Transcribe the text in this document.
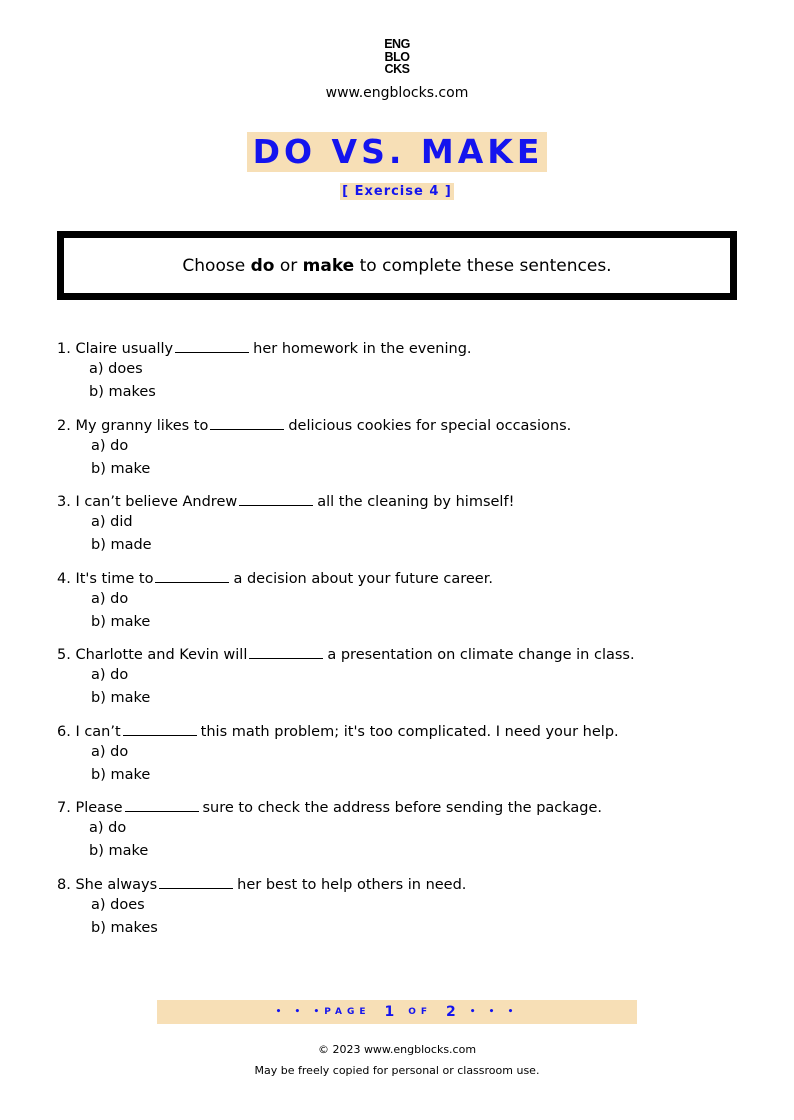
ENG
BLO
CKS
www.engblocks.com
DO VS. MAKE
[ Exercise 4 ]
Choose do or make to complete these sentences.
1. Claire usually	her homework in the evening.
a) does
b) makes
2. My granny likes to	delicious cookies for special occasions.
a) do
b) make
3. I can’t believe Andrew	all the cleaning by himself!
a) did
b) made
4. It's time to	a decision about your future career.
a) do
b) make
5. Charlotte and Kevin will	a presentation on climate change in class.
a) do
b) make
6. I can’t	this math problem; it's too complicated. I need your help.
a) do
b) make
7. Please	sure to check the address before sending the package.
a) do
b) make
8. She always	her best to help others in need.
a) does
b) makes
• • • PAGE 1 OF 2 • • •
© 2023 www.engblocks.com
May be freely copied for personal or classroom use.
